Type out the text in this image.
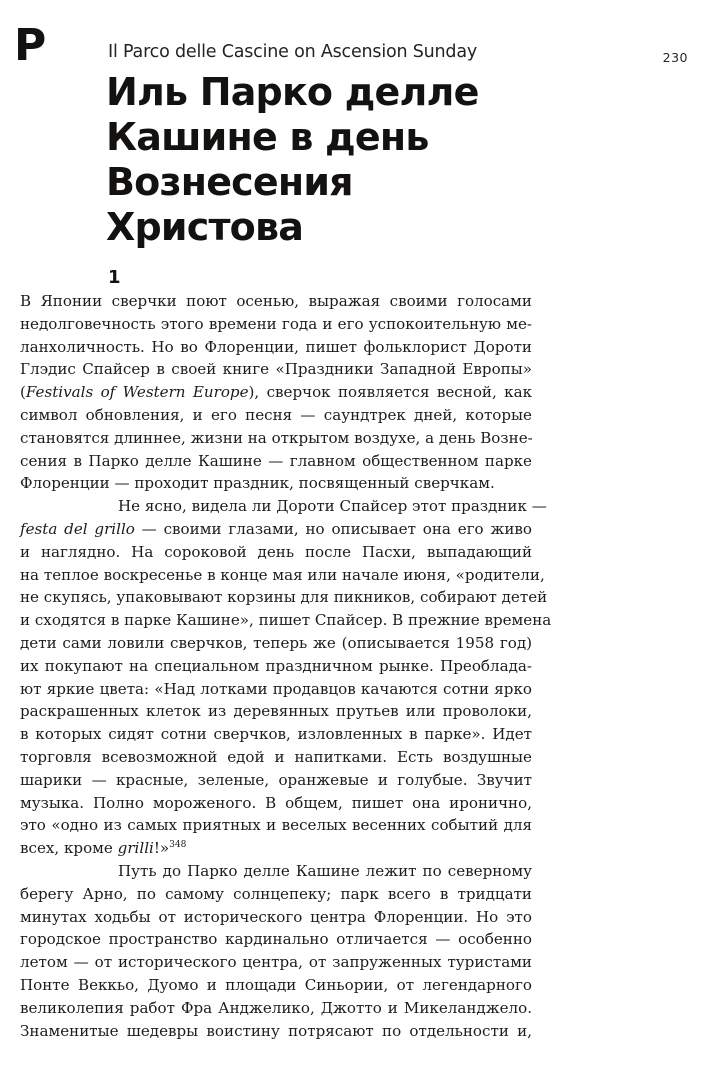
P	Il Parco delle Cascine on Ascension Sunday	230
Иль Парко делле
Кашине в день
Вознесения
Христова
1
В Японии сверчки поют осенью, выражая своими голосами
недолговечность этого времени года и его успокоительную ме-
ланхоличность. Но во Флоренции, пишет фольклорист Дороти
Глэдис Спайсер в своей книге «Праздники Западной Европы»
(Festivals of Western Europe), сверчок появляется весной, как
символ обновления, и его песня — саундтрек дней, которые
становятся длиннее, жизни на открытом воздухе, а день Возне-
сения в Парко делле Кашине — главном общественном парке
Флоренции — проходит праздник, посвященный сверчкам.
Не ясно, видела ли Дороти Спайсер этот праздник —
festa del grillo — своими глазами, но описывает она его живо
и наглядно. На сороковой день после Пасхи, выпадающий
на теплое воскресенье в конце мая или начале июня, «родители,
не скупясь, упаковывают корзины для пикников, собирают детей
и сходятся в парке Кашине», пишет Спайсер. В прежние времена
дети сами ловили сверчков, теперь же (описывается 1958 год)
их покупают на специальном праздничном рынке. Преоблада-
ют яркие цвета: «Над лотками продавцов качаются сотни ярко
раскрашенных клеток из деревянных прутьев или проволоки,
в которых сидят сотни сверчков, изловленных в парке». Идет
торговля всевозможной едой и напитками. Есть воздушные
шарики — красные, зеленые, оранжевые и голубые. Звучит
музыка. Полно мороженого. В общем, пишет она иронично,
это «одно из самых приятных и веселых весенних событий для
всех, кроме grilli!»$^{348}$
Путь до Парко делле Кашине лежит по северному
берегу Арно, по самому солнцепеку; парк всего в тридцати
минутах ходьбы от исторического центра Флоренции. Но это
городское пространство кардинально отличается — особенно
летом — от исторического центра, от запруженных туристами
Понте Веккьо, Дуомо и площади Синьории, от легендарного
великолепия работ Фра Анджелико, Джотто и Микеланджело.
Знаменитые шедевры воистину потрясают по отдельности и,
